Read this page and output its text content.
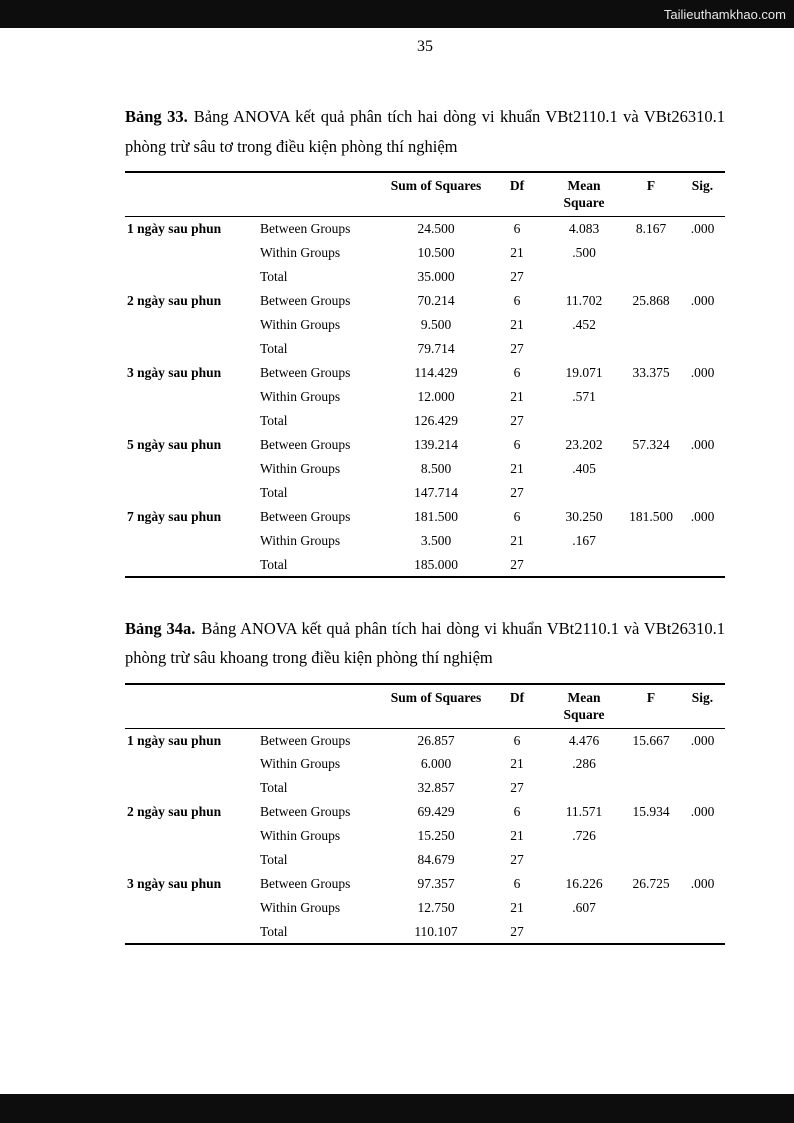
Tailieuthamkhao.com
35

Bảng 33. Bảng ANOVA kết quả phân tích hai dòng vi khuẩn VBt2110.1 và VBt26310.1 phòng trừ sâu tơ trong điều kiện phòng thí nghiệm

		Sum of Squares	Df	Mean Square	F	Sig.
1 ngày sau phun	Between Groups	24.500	6	4.083	8.167	.000
	Within Groups	10.500	21	.500		
	Total	35.000	27			
2 ngày sau phun	Between Groups	70.214	6	11.702	25.868	.000
	Within Groups	9.500	21	.452		
	Total	79.714	27			
3 ngày sau phun	Between Groups	114.429	6	19.071	33.375	.000
	Within Groups	12.000	21	.571		
	Total	126.429	27			
5 ngày sau phun	Between Groups	139.214	6	23.202	57.324	.000
	Within Groups	8.500	21	.405		
	Total	147.714	27			
7 ngày sau phun	Between Groups	181.500	6	30.250	181.500	.000
	Within Groups	3.500	21	.167		
	Total	185.000	27			

Bảng 34a. Bảng ANOVA kết quả phân tích hai dòng vi khuẩn VBt2110.1 và VBt26310.1 phòng trừ sâu khoang trong điều kiện phòng thí nghiệm

		Sum of Squares	Df	Mean Square	F	Sig.
1 ngày sau phun	Between Groups	26.857	6	4.476	15.667	.000
	Within Groups	6.000	21	.286		
	Total	32.857	27			
2 ngày sau phun	Between Groups	69.429	6	11.571	15.934	.000
	Within Groups	15.250	21	.726		
	Total	84.679	27			
3 ngày sau phun	Between Groups	97.357	6	16.226	26.725	.000
	Within Groups	12.750	21	.607		
	Total	110.107	27			
